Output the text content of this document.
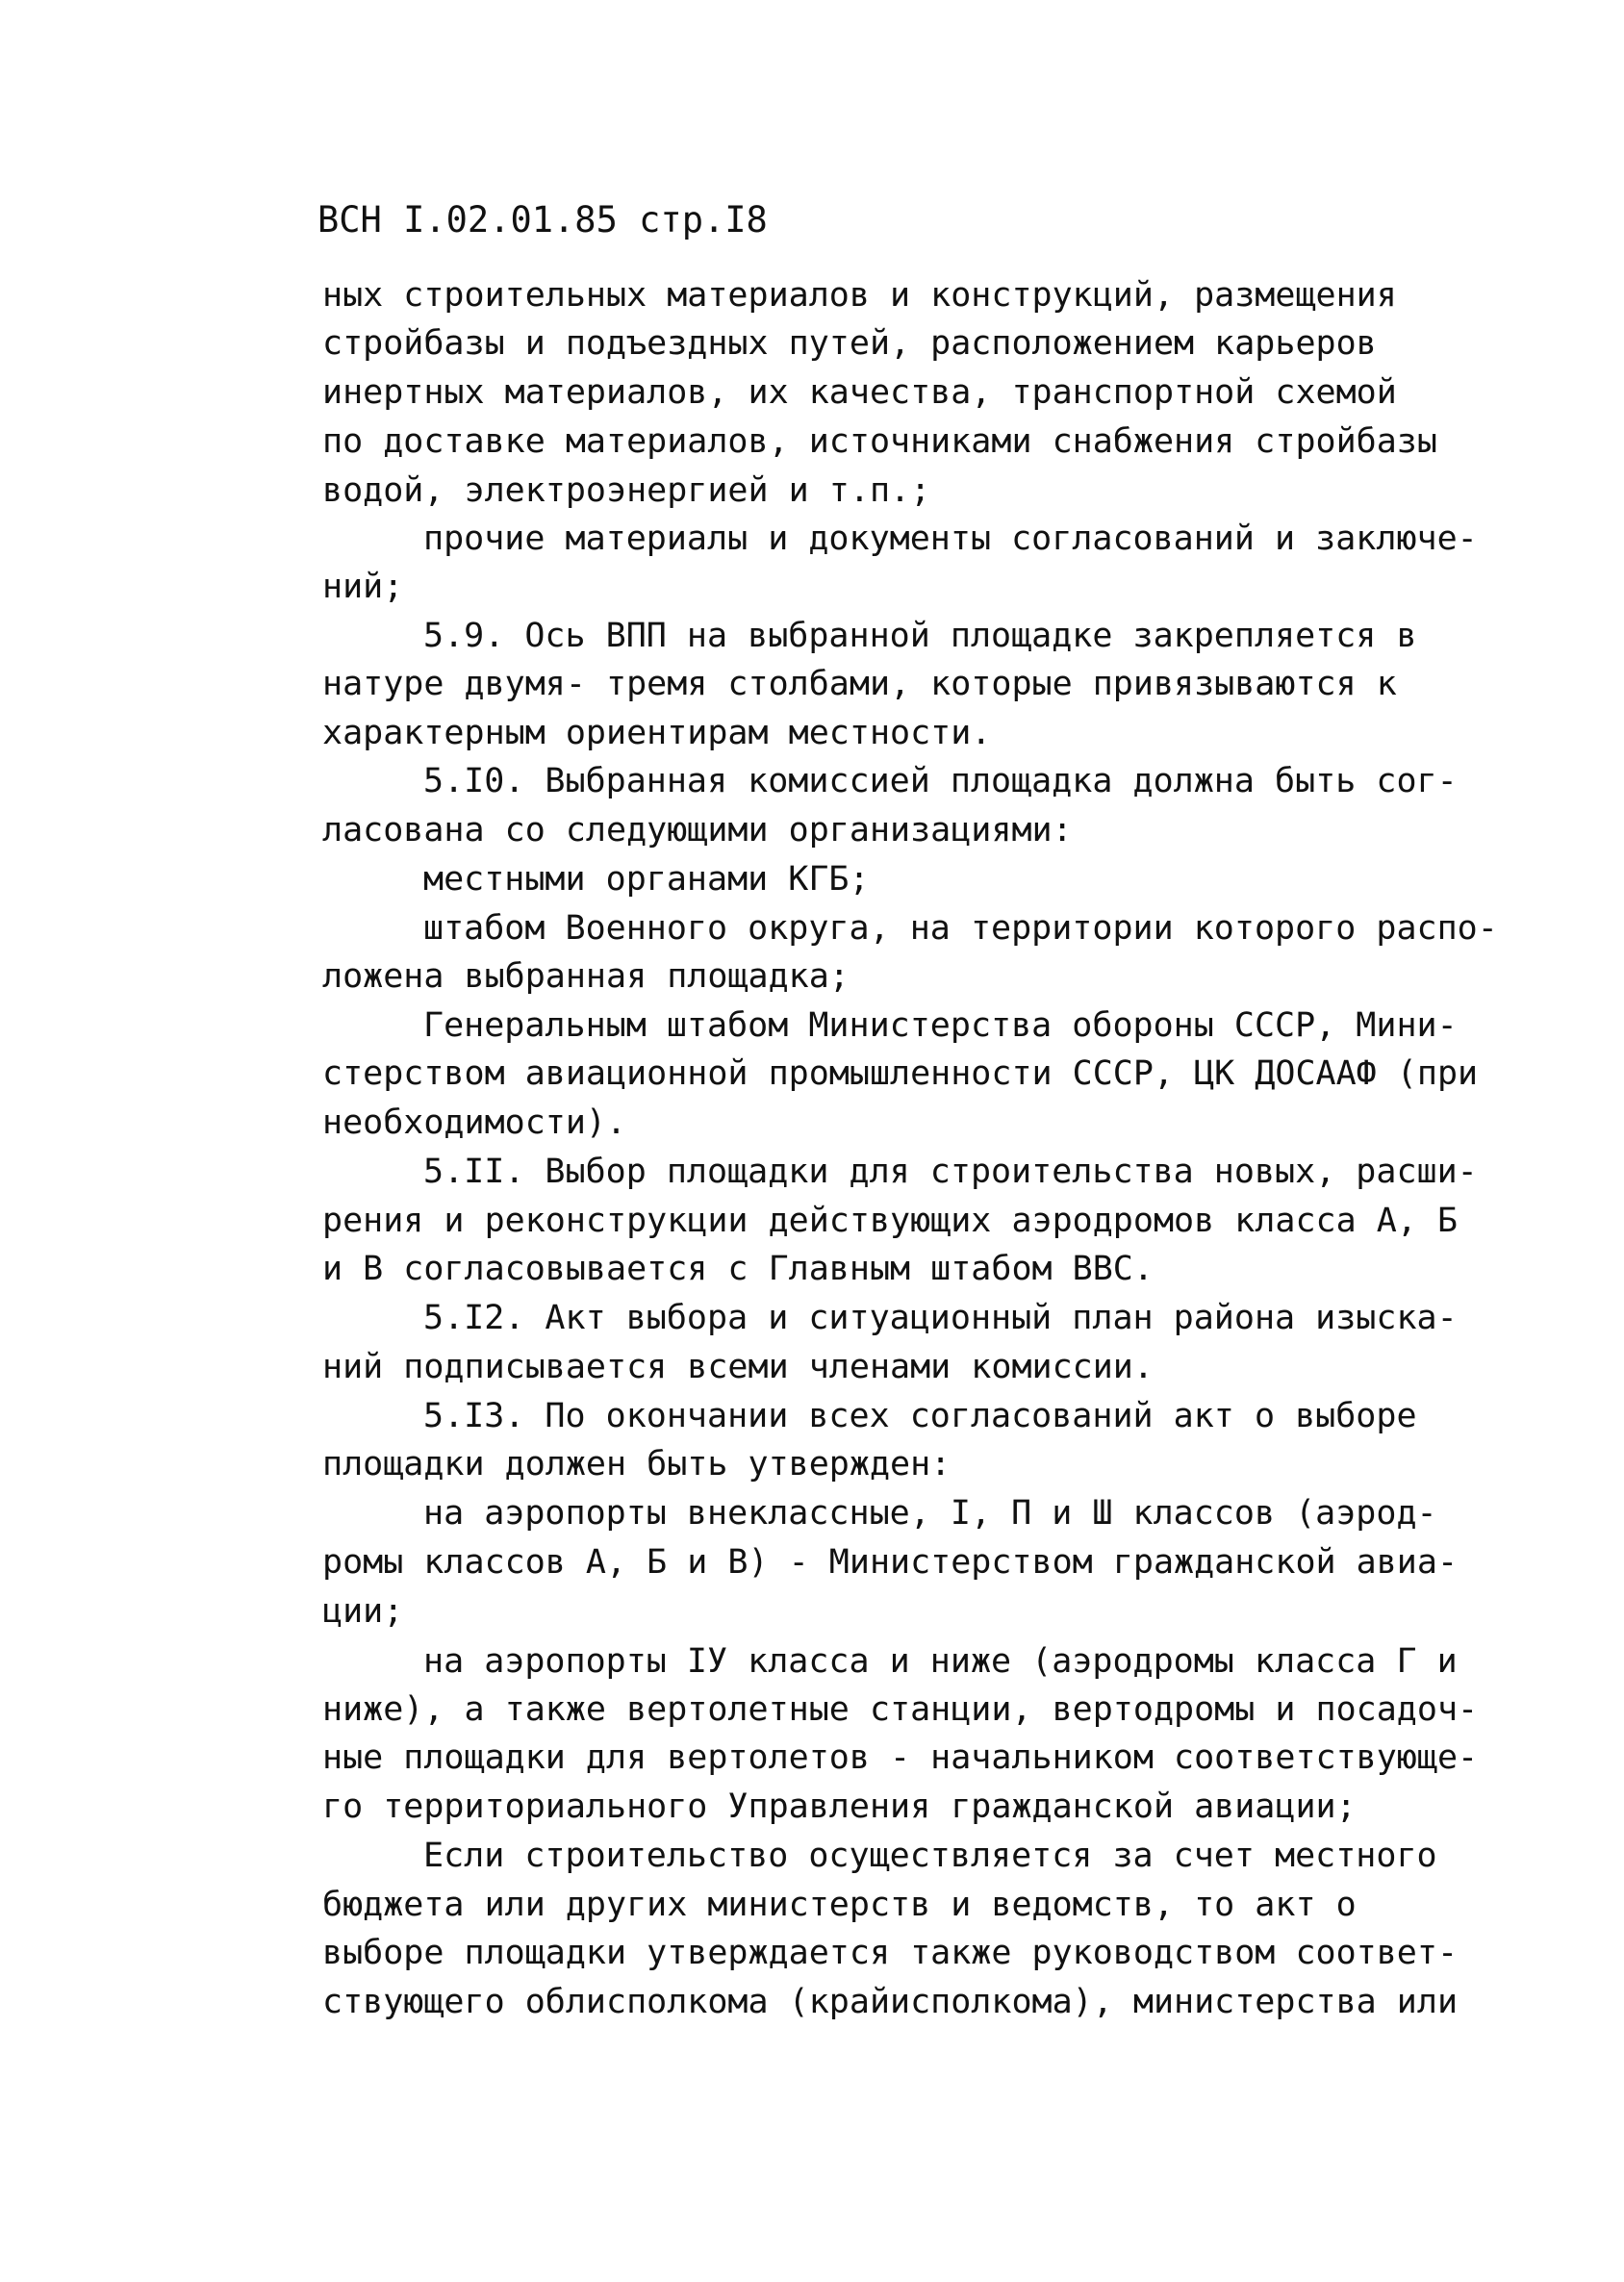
ВСН I.02.01.85 стр.I8
ных строительных материалов и конструкций, размещения
стройбазы и подъездных путей, расположением карьеров
инертных материалов, их качества, транспортной схемой
по доставке материалов, источниками снабжения стройбазы
водой, электроэнергией и т.п.;
прочие материалы и документы согласований и заключе-
ний;
5.9. Ось ВПП на выбранной площадке закрепляется в
натуре двумя- тремя столбами, которые привязываются к
характерным ориентирам местности.
5.I0. Выбранная комиссией площадка должна быть сог-
ласована со следующими организациями:
местными органами КГБ;
штабом Военного округа, на территории которого распо-
ложена выбранная площадка;
Генеральным штабом Министерства обороны СССР, Мини-
стерством авиационной промышленности СССР, ЦК ДОСААФ (при
необходимости).
5.II. Выбор площадки для строительства новых, расши-
рения и реконструкции действующих аэродромов класса А, Б
и В согласовывается с Главным штабом ВВС.
5.I2. Акт выбора и ситуационный план района изыска-
ний подписывается всеми членами комиссии.
5.I3. По окончании всех согласований акт о выборе
площадки должен быть утвержден:
на аэропорты внеклассные, I, П и Ш классов (аэрод-
ромы классов А, Б и В) - Министерством гражданской авиа-
ции;
на аэропорты IУ класса и ниже (аэродромы класса Г и
ниже), а также вертолетные станции, вертодромы и посадоч-
ные площадки для вертолетов - начальником соответствующе-
го территориального Управления гражданской авиации;
Если строительство осуществляется за счет местного
бюджета или других министерств и ведомств, то акт о
выборе площадки утверждается также руководством соответ-
ствующего облисполкома (крайисполкома), министерства или
